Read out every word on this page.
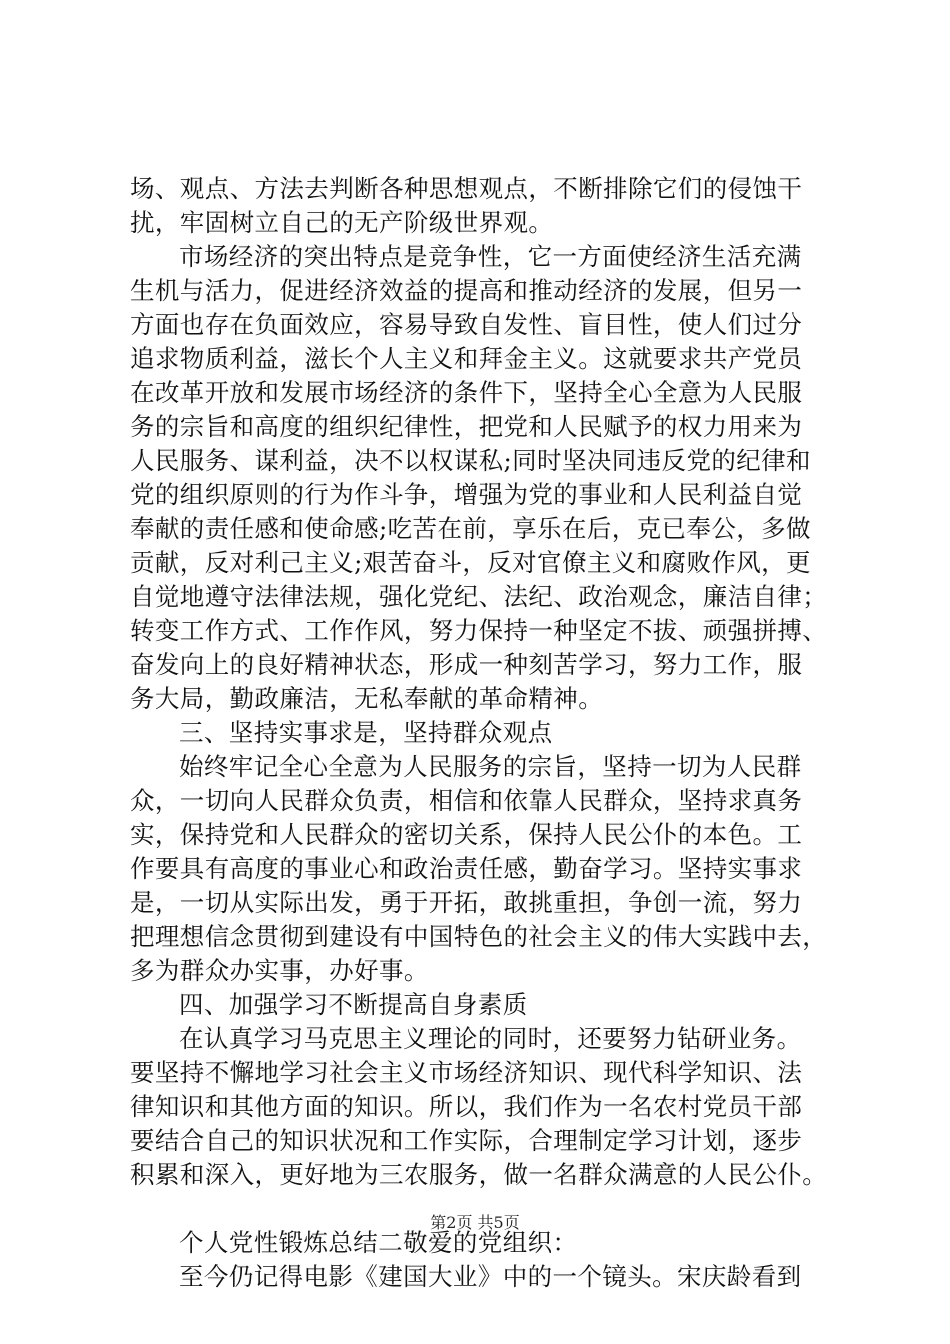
场、观点、方法去判断各种思想观点，不断排除它们的侵蚀干
扰，牢固树立自己的无产阶级世界观。
市场经济的突出特点是竞争性，它一方面使经济生活充满
生机与活力，促进经济效益的提高和推动经济的发展，但另一
方面也存在负面效应，容易导致自发性、盲目性，使人们过分
追求物质利益，滋长个人主义和拜金主义。这就要求共产党员
在改革开放和发展市场经济的条件下，坚持全心全意为人民服
务的宗旨和高度的组织纪律性，把党和人民赋予的权力用来为
人民服务、谋利益，决不以权谋私;同时坚决同违反党的纪律和
党的组织原则的行为作斗争，增强为党的事业和人民利益自觉
奉献的责任感和使命感;吃苦在前，享乐在后，克已奉公，多做
贡献，反对利己主义;艰苦奋斗，反对官僚主义和腐败作风，更
自觉地遵守法律法规，强化党纪、法纪、政治观念，廉洁自律；
转变工作方式、工作作风，努力保持一种坚定不拔、顽强拼搏、
奋发向上的良好精神状态，形成一种刻苦学习，努力工作，服
务大局，勤政廉洁，无私奉献的革命精神。
三、坚持实事求是，坚持群众观点
始终牢记全心全意为人民服务的宗旨，坚持一切为人民群
众，一切向人民群众负责，相信和依靠人民群众，坚持求真务
实，保持党和人民群众的密切关系，保持人民公仆的本色。工
作要具有高度的事业心和政治责任感，勤奋学习。坚持实事求
是，一切从实际出发，勇于开拓，敢挑重担，争创一流，努力
把理想信念贯彻到建设有中国特色的社会主义的伟大实践中去，
多为群众办实事，办好事。
四、加强学习不断提高自身素质
在认真学习马克思主义理论的同时，还要努力钻研业务。
要坚持不懈地学习社会主义市场经济知识、现代科学知识、法
律知识和其他方面的知识。所以，我们作为一名农村党员干部
要结合自己的知识状况和工作实际，合理制定学习计划，逐步
积累和深入，更好地为三农服务，做一名群众满意的人民公仆。
个人党性锻炼总结二敬爱的党组织：
至今仍记得电影《建国大业》中的一个镜头。宋庆龄看到
第2页 共5页
